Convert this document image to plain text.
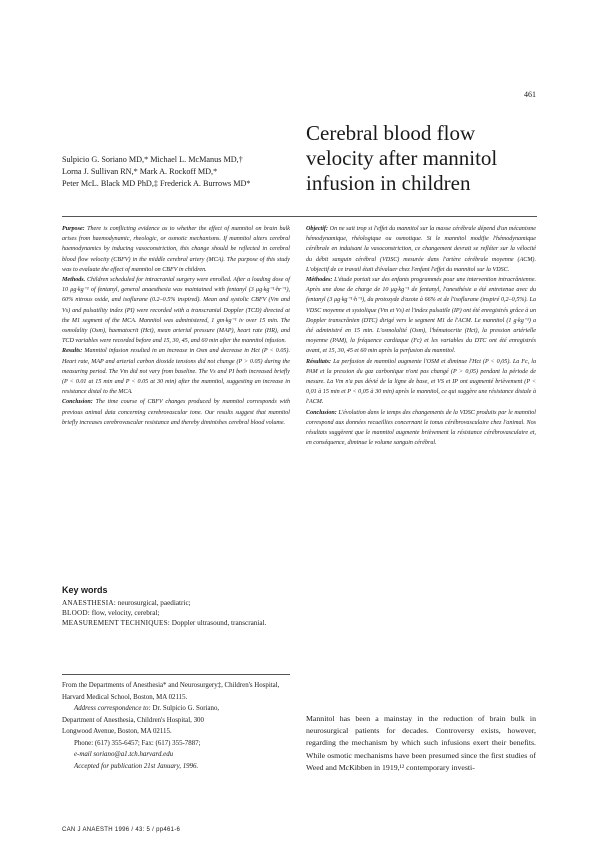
461
Sulpicio G. Soriano MD,* Michael L. McManus MD,†
Lorna J. Sullivan RN,* Mark A. Rockoff MD,*
Peter McL. Black MD PhD,‡ Frederick A. Burrows MD*
Cerebral blood flow velocity after mannitol infusion in children

Purpose: There is conflicting evidence as to whether the effect of mannitol on brain bulk arises from haemodynamic, rheologic, or osmotic mechanisms. If mannitol alters cerebral haemodynamics by inducing vasoconstriction, this change should be reflected in cerebral blood flow velocity (CBFV) in the middle cerebral artery (MCA). The purpose of this study was to evaluate the effect of mannitol on CBFV in children.

Methods. Children scheduled for intracranial surgery were enrolled. After a loading dose of 10 μg·kg⁻¹ of fentanyl, general anaesthesia was maintained with fentanyl (3 μg·kg⁻¹·hr⁻¹), 60% nitrous oxide, and isoflurane (0.2–0.5% inspired). Mean and systolic CBFV (Vm and Vs) and pulsatility index (PI) were recorded with a transcranial Doppler (TCD) directed at the M1 segment of the MCA. Mannitol was administered, 1 gm·kg⁻¹ iv over 15 min. The osmolality (Osm), haematocrit (Hct), mean arterial pressure (MAP), heart rate (HR), and TCD variables were recorded before and 15, 30, 45, and 60 min after the mannitol infusion.

Results: Mannitol infusion resulted in an increase in Osm and decrease in Hct (P < 0.05). Heart rate, MAP and arterial carbon dioxide tensions did not change (P > 0.05) during the measuring period. The Vm did not vary from baseline. The Vs and PI both increased briefly (P < 0.01 at 15 min and P < 0.05 at 30 min) after the mannitol, suggesting an increase in resistance distal to the MCA.

Conclusion: The time course of CBFV changes produced by mannitol corresponds with previous animal data concerning cerebrovascular tone. Our results suggest that mannitol briefly increases cerebrovascular resistance and thereby diminishes cerebral blood volume.

Objectif: On ne sait trop si l'effet du mannitol sur la masse cérébrale dépend d'un mécanisme hémodynamique, rhéologique ou osmotique. Si le mannitol modifie l'hémodynamique cérébrale en induisant la vasoconstriction, ce changement devrait se refléter sur la vélocité du débit sanguin cérébral (VDSC) mesurée dans l'artère cérébrale moyenne (ACM). L'objectif de ce travail était d'évaluer chez l'enfant l'effet du mannitol sur la VDSC.

Méthodes: L'étude portait sur des enfants programmés pour une intervention intracrânienne. Après une dose de charge de 10 μg·kg⁻¹ de fentanyl, l'anesthésie a été entretenue avec du fentanyl (3 μg·kg⁻¹·h⁻¹), du protoxyde d'azote à 66% et de l'isoflurane (inspiré 0,2–0,5%). La VDSC moyenne et systolique (Vm et Vs) et l'index pulsatile (IP) ont été enregistrés grâce à un Doppler transcrânien (DTC) dirigé vers le segment M1 de l'ACM. Le mannitol (1 g·kg⁻¹) a été administré en 15 min. L'osmolalité (Osm), l'hématocrite (Hct), la pression artérielle moyenne (PAM), la fréquence cardiaque (Fc) et les variables du DTC ont été enregistrés avant, et 15, 30, 45 et 60 min après la perfusion du mannitol.

Résultats: La perfusion de mannitol augmente l'OSM et diminue l'Hct (P < 0,05). La Fc, la PAM et la pression du gaz carbonique n'ont pas changé (P > 0,05) pendant la période de mesure. La Vm n'a pas dévié de la ligne de base, et VS et IP ont augmenté brièvement (P < 0,01 à 15 min et P < 0,05 à 30 min) après le mannitol, ce qui suggère une résistance distale à l'ACM.

Conclusion: L'évolution dans le temps des changements de la VDSC produits par le mannitol correspond aux données recueillies concernant le tonus cérébrovasculaire chez l'animal. Nos résultats suggèrent que le mannitol augmente brièvement la résistance cérébrovasculaire et, en conséquence, diminue le volume sanguin cérébral.

Key words
ANAESTHESIA: neurosurgical, paediatric;
BLOOD: flow, velocity, cerebral;
MEASUREMENT TECHNIQUES: Doppler ultrasound, transcranial.

From the Departments of Anesthesia* and Neurosurgery‡, Children's Hospital, Harvard Medical School, Boston, MA 02115.

Address correspondence to: Dr. Sulpicio G. Soriano,

Department of Anesthesia, Children's Hospital, 300

Longwood Avenue, Boston, MA 02115.

Phone: (617) 355-6457; Fax: (617) 355-7887;

e-mail soriano@a1.tch.harvard.edu

Accepted for publication 21st January, 1996.

Mannitol has been a mainstay in the reduction of brain bulk in neurosurgical patients for decades. Controversy exists, however, regarding the mechanism by which such infusions exert their benefits. While osmotic mechanisms have been presumed since the first studies of Weed and McKibben in 1919,¹² contemporary investi-
CAN J ANAESTH 1996 / 43: 5 / pp461-6
